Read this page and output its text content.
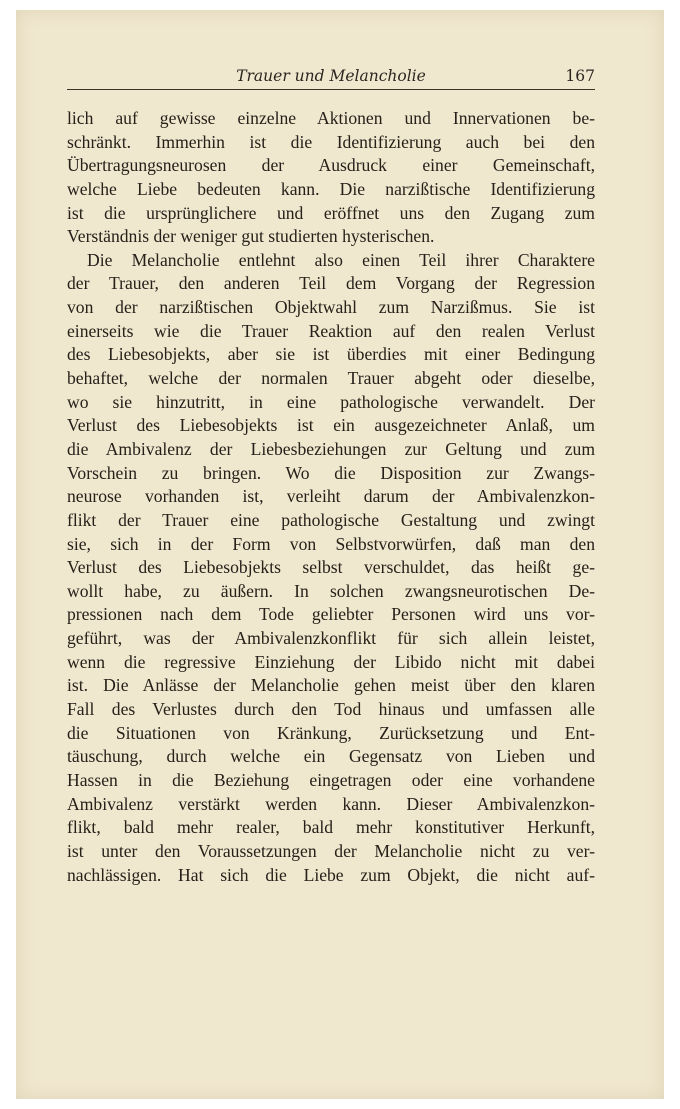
Trauer und Melancholie	167
lich auf gewisse einzelne Aktionen und Innervationen be-
schränkt. Immerhin ist die Identifizierung auch bei den
Übertragungsneurosen der Ausdruck einer Gemeinschaft,
welche Liebe bedeuten kann. Die narzißtische Identifizierung
ist die ursprünglichere und eröffnet uns den Zugang zum
Verständnis der weniger gut studierten hysterischen.
Die Melancholie entlehnt also einen Teil ihrer Charaktere
der Trauer, den anderen Teil dem Vorgang der Regression
von der narzißtischen Objektwahl zum Narzißmus. Sie ist
einerseits wie die Trauer Reaktion auf den realen Verlust
des Liebesobjekts, aber sie ist überdies mit einer Bedingung
behaftet, welche der normalen Trauer abgeht oder dieselbe,
wo sie hinzutritt, in eine pathologische verwandelt. Der
Verlust des Liebesobjekts ist ein ausgezeichneter Anlaß, um
die Ambivalenz der Liebesbeziehungen zur Geltung und zum
Vorschein zu bringen. Wo die Disposition zur Zwangs-
neurose vorhanden ist, verleiht darum der Ambivalenzkon-
flikt der Trauer eine pathologische Gestaltung und zwingt
sie, sich in der Form von Selbstvorwürfen, daß man den
Verlust des Liebesobjekts selbst verschuldet, das heißt ge-
wollt habe, zu äußern. In solchen zwangsneurotischen De-
pressionen nach dem Tode geliebter Personen wird uns vor-
geführt, was der Ambivalenzkonflikt für sich allein leistet,
wenn die regressive Einziehung der Libido nicht mit dabei
ist. Die Anlässe der Melancholie gehen meist über den klaren
Fall des Verlustes durch den Tod hinaus und umfassen alle
die Situationen von Kränkung, Zurücksetzung und Ent-
täuschung, durch welche ein Gegensatz von Lieben und
Hassen in die Beziehung eingetragen oder eine vorhandene
Ambivalenz verstärkt werden kann. Dieser Ambivalenzkon-
flikt, bald mehr realer, bald mehr konstitutiver Herkunft,
ist unter den Voraussetzungen der Melancholie nicht zu ver-
nachlässigen. Hat sich die Liebe zum Objekt, die nicht auf-
